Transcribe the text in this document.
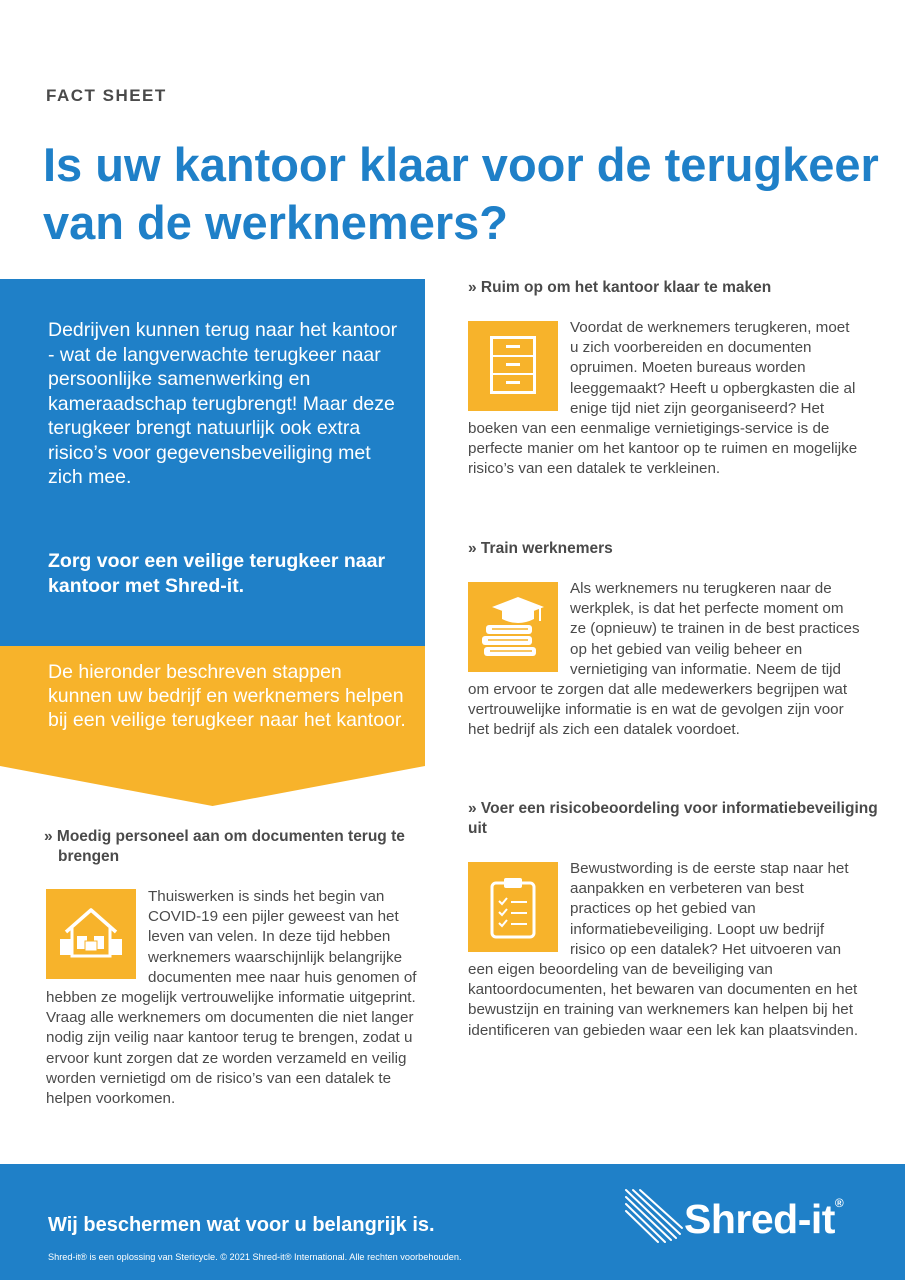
FACT SHEET
Is uw kantoor klaar voor de terugkeer van de werknemers?

Dedrijven kunnen terug naar het kantoor - wat de langverwachte terugkeer naar persoonlijke samenwerking en kameraadschap terugbrengt! Maar deze terugkeer brengt natuurlijk ook extra risico’s voor gegevensbeveiliging met zich mee.

Zorg voor een veilige terugkeer naar kantoor met Shred-it.

De hieronder beschreven stappen kunnen uw bedrijf en werknemers helpen bij een veilige terugkeer naar het kantoor.

» Moedig personeel aan om documenten terug te brengen
Thuiswerken is sinds het begin van COVID-19 een pijler geweest van het leven van velen. In deze tijd hebben werknemers waarschijnlijk belangrijke documenten mee naar huis genomen of hebben ze mogelijk vertrouwelijke informatie uitgeprint. Vraag alle werknemers om documenten die niet langer nodig zijn veilig naar kantoor terug te brengen, zodat u ervoor kunt zorgen dat ze worden verzameld en veilig worden vernietigd om de risico’s van een datalek te helpen voorkomen.
» Ruim op om het kantoor klaar te maken
Voordat de werknemers terugkeren, moet u zich voorbereiden en documenten opruimen. Moeten bureaus worden leeggemaakt? Heeft u opbergkasten die al enige tijd niet zijn georganiseerd? Het boeken van een eenmalige vernietigings-service is de perfecte manier om het kantoor op te ruimen en mogelijke risico’s van een datalek te verkleinen.
» Train werknemers
Als werknemers nu terugkeren naar de werkplek, is dat het perfecte moment om ze (opnieuw) te trainen in de best practices op het gebied van veilig beheer en vernietiging van informatie. Neem de tijd om ervoor te zorgen dat alle medewerkers begrijpen wat vertrouwelijke informatie is en wat de gevolgen zijn voor het bedrijf als zich een datalek voordoet.
» Voer een risicobeoordeling voor informatiebeveiliging uit
Bewustwording is de eerste stap naar het aanpakken en verbeteren van best practices op het gebied van informatiebeveiliging. Loopt uw bedrijf risico op een datalek? Het uitvoeren van een eigen beoordeling van de beveiliging van kantoordocumenten, het bewaren van documenten en het bewustzijn en training van werknemers kan helpen bij het identificeren van gebieden waar een lek kan plaatsvinden.
Wij beschermen wat voor u belangrijk is.
Shred-it® is een oplossing van Stericycle. © 2021 Shred-it® International. Alle rechten voorbehouden.
Shred-it®
